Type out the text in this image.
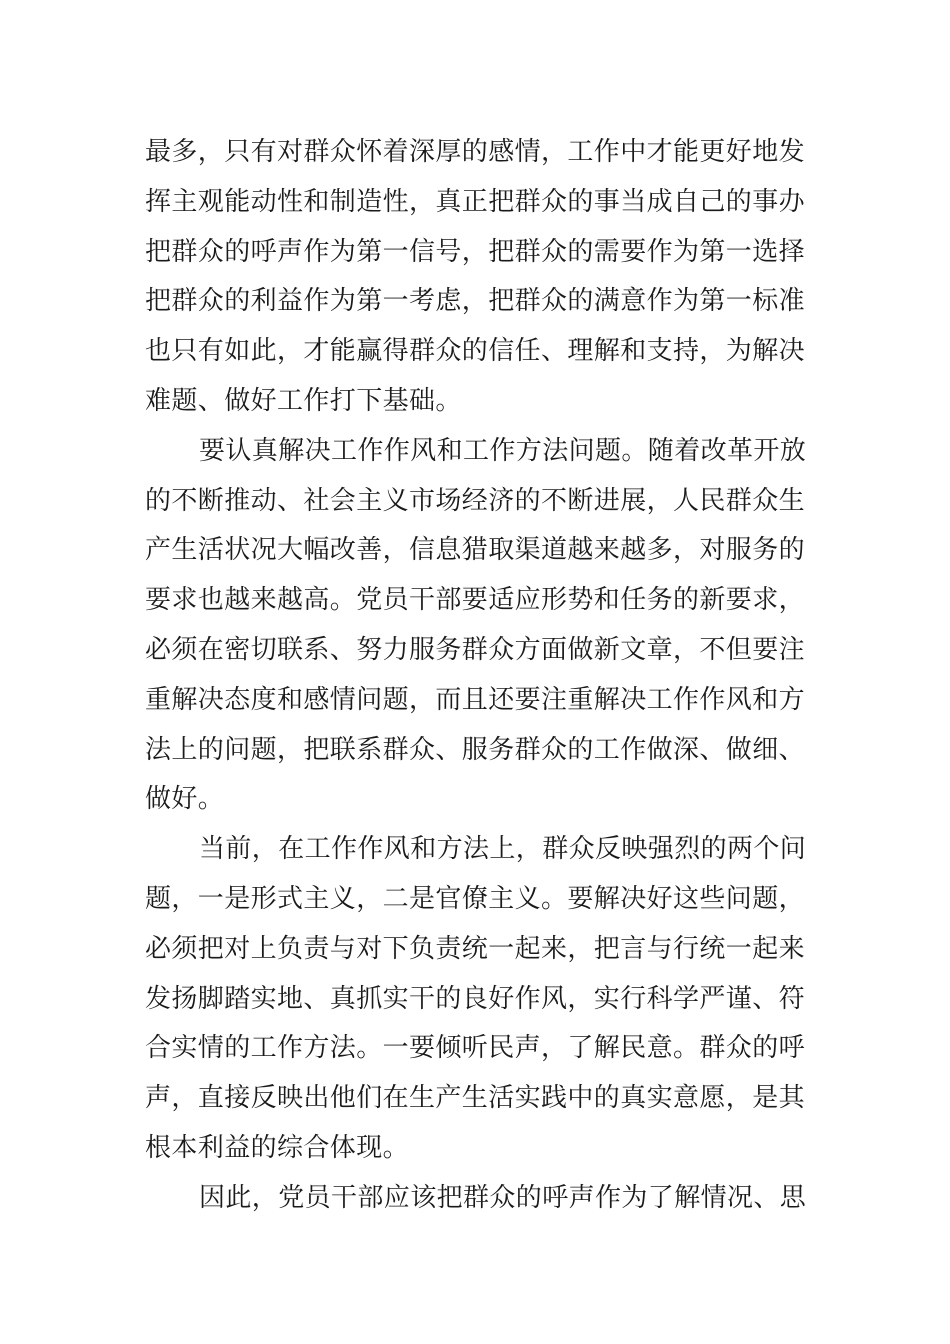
最多，只有对群众怀着深厚的感情，工作中才能更好地发
挥主观能动性和制造性，真正把群众的事当成自己的事办
把群众的呼声作为第一信号，把群众的需要作为第一选择
把群众的利益作为第一考虑，把群众的满意作为第一标准
也只有如此，才能赢得群众的信任、理解和支持，为解决
难题、做好工作打下基础。
要认真解决工作作风和工作方法问题。随着改革开放
的不断推动、社会主义市场经济的不断进展，人民群众生
产生活状况大幅改善，信息猎取渠道越来越多，对服务的
要求也越来越高。党员干部要适应形势和任务的新要求，
必须在密切联系、努力服务群众方面做新文章，不但要注
重解决态度和感情问题，而且还要注重解决工作作风和方
法上的问题，把联系群众、服务群众的工作做深、做细、
做好。
当前，在工作作风和方法上，群众反映强烈的两个问
题，一是形式主义，二是官僚主义。要解决好这些问题，
必须把对上负责与对下负责统一起来，把言与行统一起来
发扬脚踏实地、真抓实干的良好作风，实行科学严谨、符
合实情的工作方法。一要倾听民声，了解民意。群众的呼
声，直接反映出他们在生产生活实践中的真实意愿，是其
根本利益的综合体现。
因此，党员干部应该把群众的呼声作为了解情况、思
